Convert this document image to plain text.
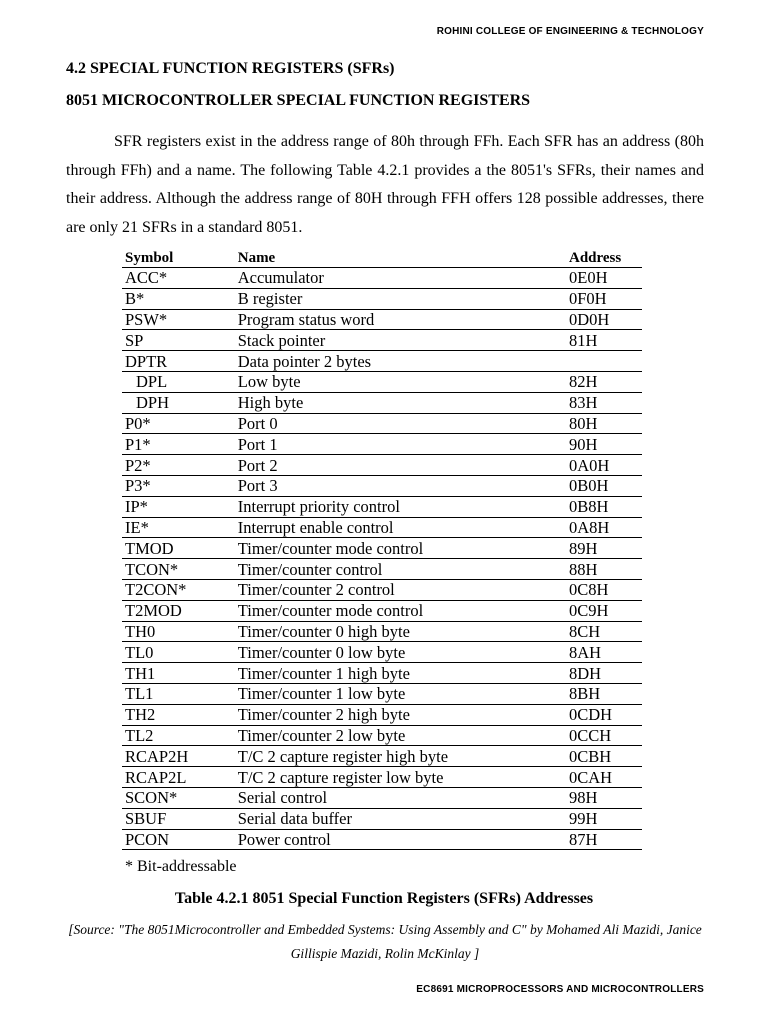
ROHINI COLLEGE OF ENGINEERING & TECHNOLOGY
4.2 SPECIAL FUNCTION REGISTERS (SFRs)
8051 MICROCONTROLLER SPECIAL FUNCTION REGISTERS

SFR registers exist in the address range of 80h through FFh. Each SFR has an address (80h through FFh) and a name. The following Table 4.2.1 provides a the 8051's SFRs, their names and their address. Although the address range of 80H through FFH offers 128 possible addresses, there are only 21 SFRs in a standard 8051.

Symbol	Name	Address
ACC*	Accumulator	0E0H
B*	B register	0F0H
PSW*	Program status word	0D0H
SP	Stack pointer	81H
DPTR	Data pointer 2 bytes	
DPL	Low byte	82H
DPH	High byte	83H
P0*	Port 0	80H
P1*	Port 1	90H
P2*	Port 2	0A0H
P3*	Port 3	0B0H
IP*	Interrupt priority control	0B8H
IE*	Interrupt enable control	0A8H
TMOD	Timer/counter mode control	89H
TCON*	Timer/counter control	88H
T2CON*	Timer/counter 2 control	0C8H
T2MOD	Timer/counter mode control	0C9H
TH0	Timer/counter 0 high byte	8CH
TL0	Timer/counter 0 low byte	8AH
TH1	Timer/counter 1 high byte	8DH
TL1	Timer/counter 1 low byte	8BH
TH2	Timer/counter 2 high byte	0CDH
TL2	Timer/counter 2 low byte	0CCH
RCAP2H	T/C 2 capture register high byte	0CBH
RCAP2L	T/C 2 capture register low byte	0CAH
SCON*	Serial control	98H
SBUF	Serial data buffer	99H
PCON	Power control	87H
* Bit-addressable
Table 4.2.1 8051 Special Function Registers (SFRs) Addresses

[Source: "The 8051Microcontroller and Embedded Systems: Using Assembly and C" by Mohamed Ali Mazidi, Janice Gillispie Mazidi, Rolin McKinlay ]

EC8691 MICROPROCESSORS AND MICROCONTROLLERS
